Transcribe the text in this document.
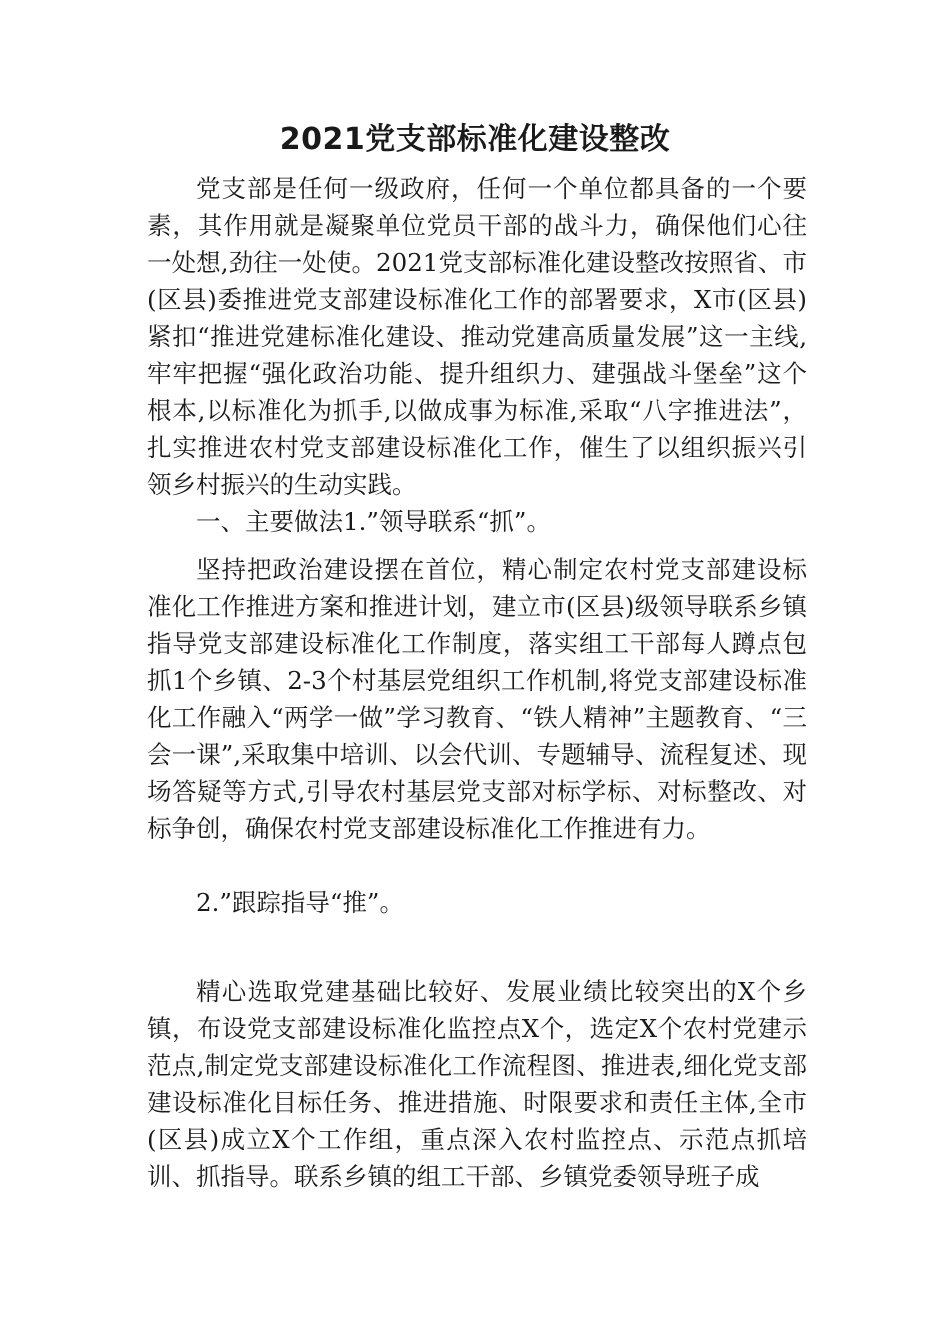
2021党支部标准化建设整改

党支部是任何一级政府，任何一个单位都具备的一个要素，其作用就是凝聚单位党员干部的战斗力，确保他们心往一处想,劲往一处使。2021党支部标准化建设整改按照省、市(区县)委推进党支部建设标准化工作的部署要求，X市(区县)紧扣“推进党建标准化建设、推动党建高质量发展”这一主线,牢牢把握“强化政治功能、提升组织力、建强战斗堡垒”这个根本,以标准化为抓手,以做成事为标准,采取“八字推进法”，扎实推进农村党支部建设标准化工作，催生了以组织振兴引领乡村振兴的生动实践。

一、主要做法1.”领导联系“抓”。

坚持把政治建设摆在首位，精心制定农村党支部建设标准化工作推进方案和推进计划，建立市(区县)级领导联系乡镇指导党支部建设标准化工作制度，落实组工干部每人蹲点包抓1个乡镇、2-3个村基层党组织工作机制,将党支部建设标准化工作融入“两学一做”学习教育、“铁人精神”主题教育、“三会一课”,采取集中培训、以会代训、专题辅导、流程复述、现场答疑等方式,引导农村基层党支部对标学标、对标整改、对标争创，确保农村党支部建设标准化工作推进有力。

2.”跟踪指导“推”。

精心选取党建基础比较好、发展业绩比较突出的X个乡镇，布设党支部建设标准化监控点X个，选定X个农村党建示范点,制定党支部建设标准化工作流程图、推进表,细化党支部建设标准化目标任务、推进措施、时限要求和责任主体,全市(区县)成立X个工作组，重点深入农村监控点、示范点抓培训、抓指导。联系乡镇的组工干部、乡镇党委领导班子成
